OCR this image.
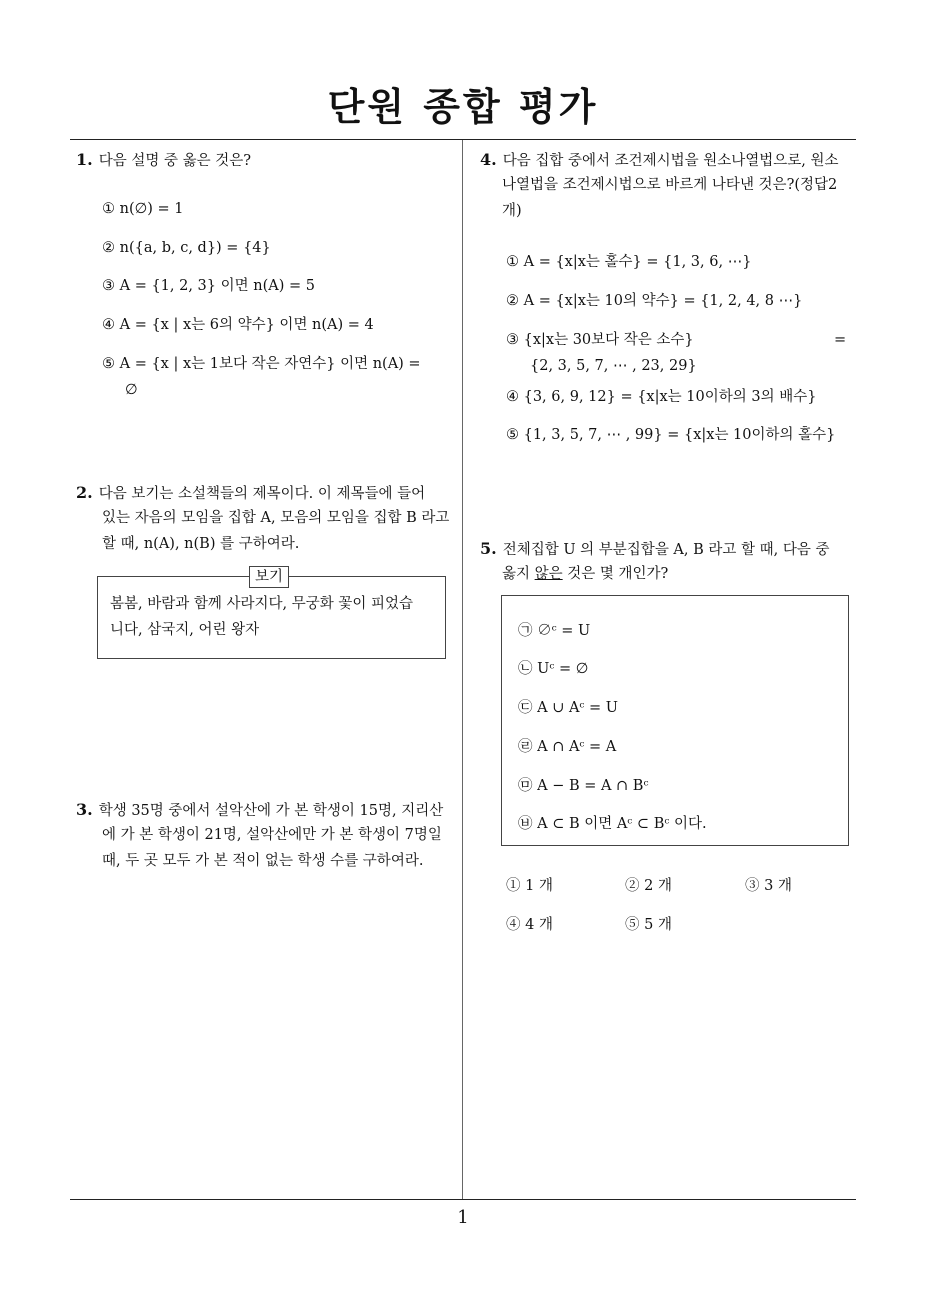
단원 종합 평가
1
1. 다음 설명 중 옳은 것은?
① n(∅) = 1
② n({a, b, c, d}) = {4}
③ A = {1, 2, 3} 이면 n(A) = 5
④ A = {x | x는 6의 약수} 이면 n(A) = 4
⑤ A = {x | x는 1보다 작은 자연수} 이면 n(A) =
∅
2. 다음 보기는 소설책들의 제목이다. 이 제목들에 들어
있는 자음의 모임을 집합 A, 모음의 모임을 집합 B 라고
할 때, n(A), n(B) 를 구하여라.
보기
봄봄, 바람과 함께 사라지다, 무궁화 꽃이 피었습
니다, 삼국지, 어린 왕자
3. 학생 35명 중에서 설악산에 가 본 학생이 15명, 지리산
에 가 본 학생이 21명, 설악산에만 가 본 학생이 7명일
때, 두 곳 모두 가 본 적이 없는 학생 수를 구하여라.
4. 다음 집합 중에서 조건제시법을 원소나열법으로, 원소
나열법을 조건제시법으로 바르게 나타낸 것은?(정답2
개)
① A = {x|x는 홀수} = {1, 3, 6, ⋯}
② A = {x|x는 10의 약수} = {1, 2, 4, 8 ⋯}
③ {x|x는 30보다 작은 소수}	=
{2, 3, 5, 7, ⋯ , 23, 29}
④ {3, 6, 9, 12} = {x|x는 10이하의 3의 배수}
⑤ {1, 3, 5, 7, ⋯ , 99} = {x|x는 10이하의 홀수}
5. 전체집합 U 의 부분집합을 A, B 라고 할 때, 다음 중
옳지 않은 것은 몇 개인가?
㉠ ∅ᶜ = U
㉡ Uᶜ = ∅
㉢ A ∪ Aᶜ = U
㉣ A ∩ Aᶜ = A
㉤ A − B = A ∩ Bᶜ
㉥ A ⊂ B 이면 Aᶜ ⊂ Bᶜ 이다.
① 1 개	② 2 개	③ 3 개
④ 4 개	⑤ 5 개
